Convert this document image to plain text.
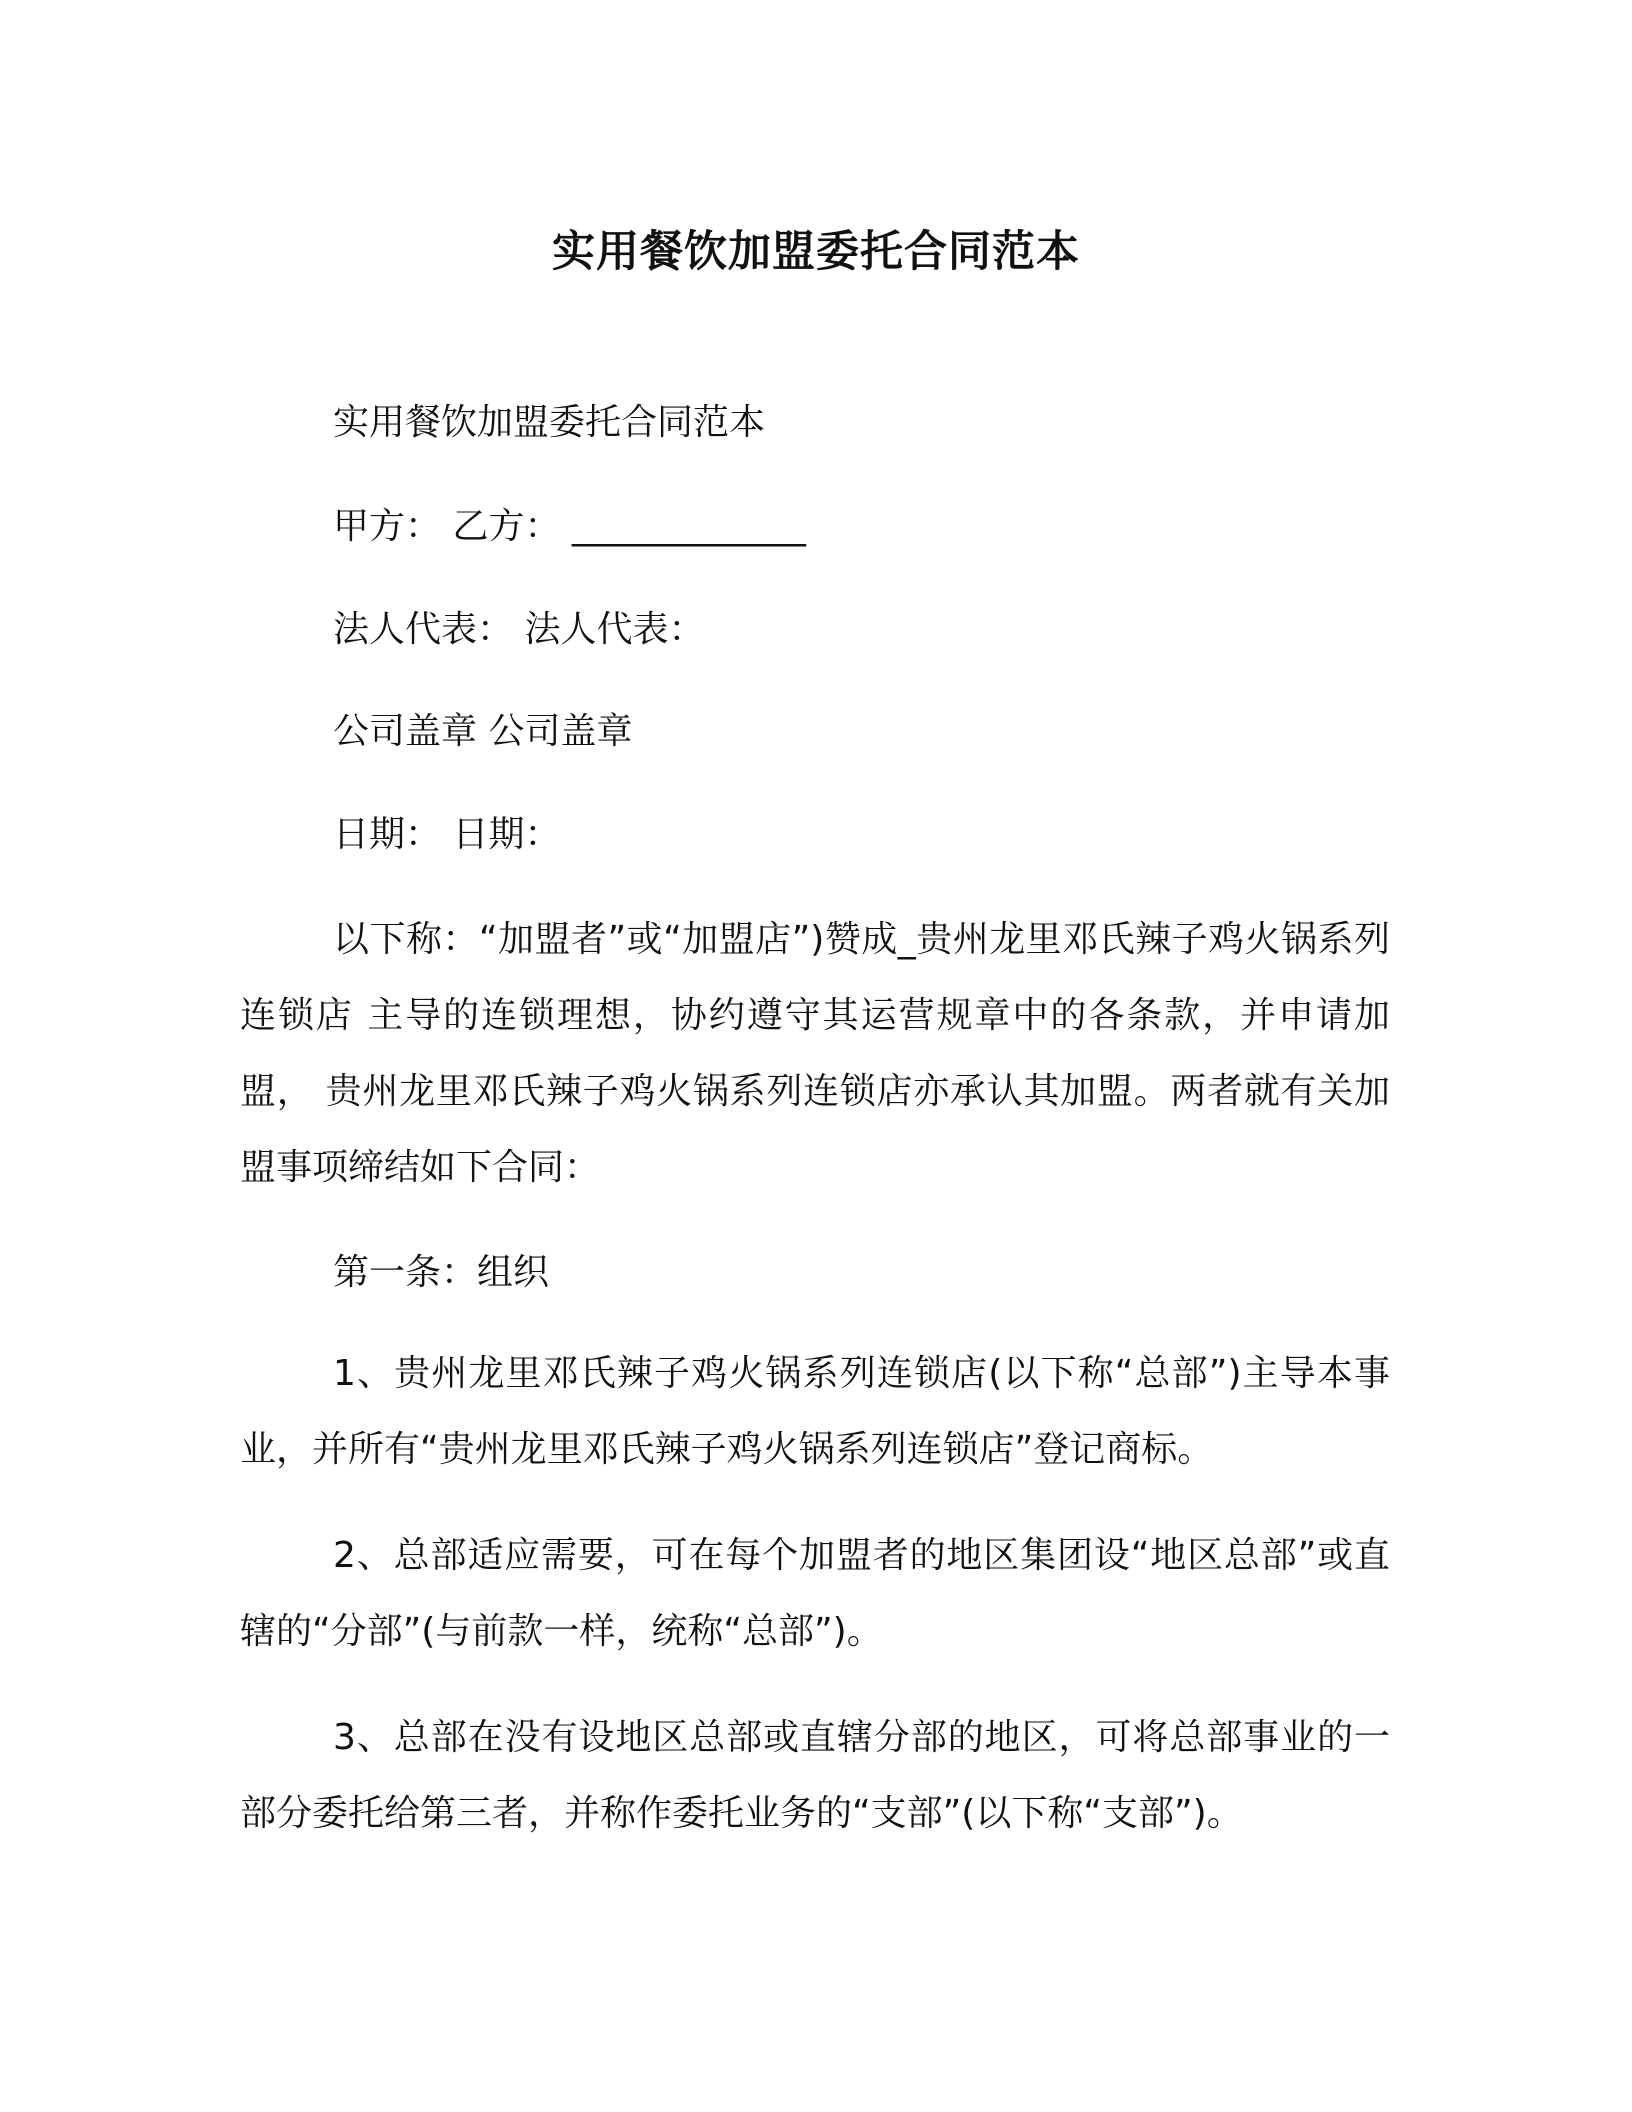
实用餐饮加盟委托合同范本
实用餐饮加盟委托合同范本
甲方： 乙方： _____________
法人代表： 法人代表：
公司盖章 公司盖章
日期： 日期：

以下称：“加盟者”或“加盟店”)赞成_贵州龙里邓氏辣子鸡火锅系列连锁店 主导的连锁理想，协约遵守其运营规章中的各条款，并申请加盟， 贵州龙里邓氏辣子鸡火锅系列连锁店亦承认其加盟。两者就有关加盟事项缔结如下合同：

第一条：组织

1、贵州龙里邓氏辣子鸡火锅系列连锁店(以下称“总部”)主导本事业，并所有“贵州龙里邓氏辣子鸡火锅系列连锁店”登记商标。

2、总部适应需要，可在每个加盟者的地区集团设“地区总部”或直辖的“分部”(与前款一样，统称“总部”)。

3、总部在没有设地区总部或直辖分部的地区，可将总部事业的一部分委托给第三者，并称作委托业务的“支部”(以下称“支部”)。
